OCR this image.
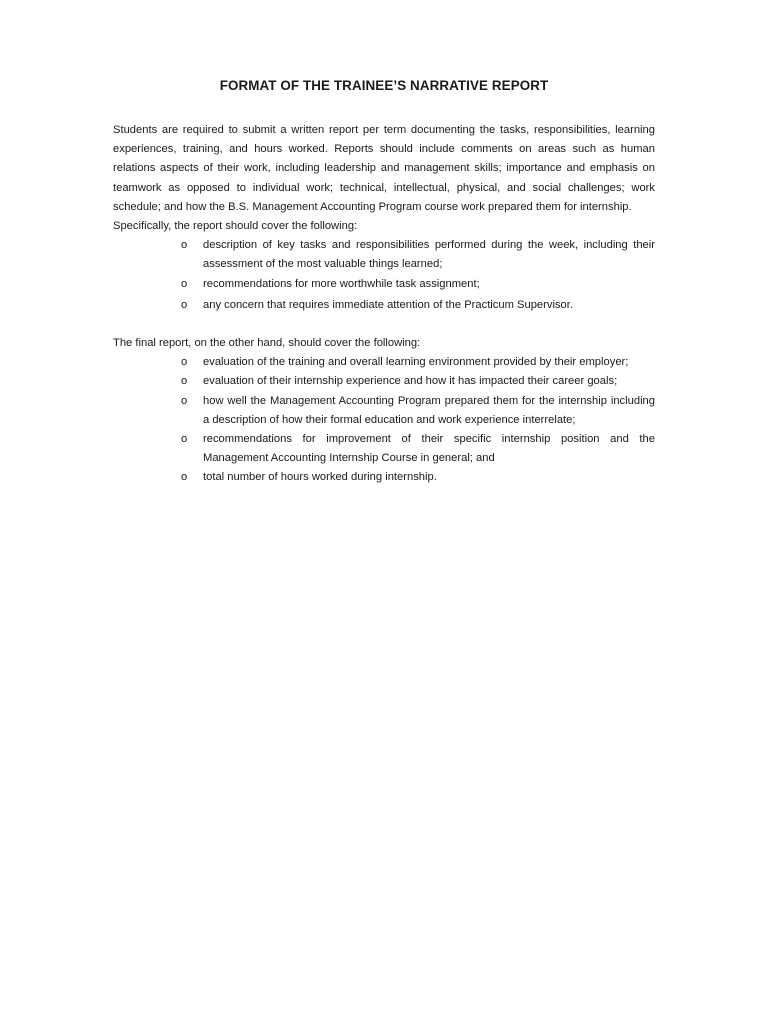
FORMAT OF THE TRAINEE’S NARRATIVE REPORT

Students are required to submit a written report per term documenting the tasks, responsibilities, learning experiences, training, and hours worked. Reports should include comments on areas such as human relations aspects of their work, including leadership and management skills; importance and emphasis on teamwork as opposed to individual work; technical, intellectual, physical, and social challenges; work schedule; and how the B.S. Management Accounting Program course work prepared them for internship.

Specifically, the report should cover the following:

o description of key tasks and responsibilities performed during the week, including their assessment of the most valuable things learned;
o recommendations for more worthwhile task assignment;
o any concern that requires immediate attention of the Practicum Supervisor.

The final report, on the other hand, should cover the following:

o evaluation of the training and overall learning environment provided by their employer;
o evaluation of their internship experience and how it has impacted their career goals;
o how well the Management Accounting Program prepared them for the internship including a description of how their formal education and work experience interrelate;
o recommendations for improvement of their specific internship position and the Management Accounting Internship Course in general; and
o total number of hours worked during internship.
